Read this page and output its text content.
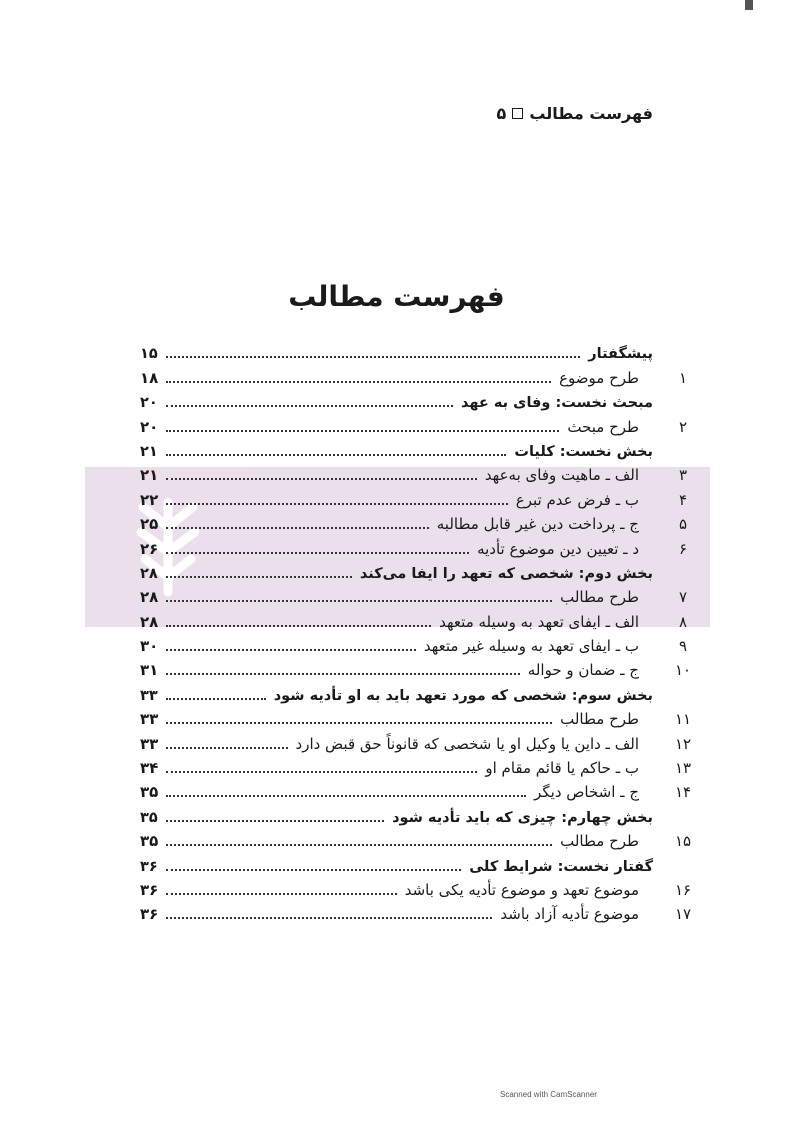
فهرست مطالب
۵
فهرست مطالب
پیشگفتار
۱۵
۱
طرح موضوع
۱۸
مبحث نخست: وفای به عهد
۲۰
۲
طرح مبحث
۲۰
بخش نخست: کلیات
۲۱
۳
الف ـ ماهیت وفای به‌عهد
۲۱
۴
ب ـ فرض عدم تبرع
۲۲
۵
ج ـ پرداخت دین غیر قابل مطالبه
۲۵
۶
د ـ تعیین دین موضوع تأدیه
۲۶
بخش دوم: شخصی که تعهد را ایفا می‌کند
۲۸
۷
طرح مطالب
۲۸
۸
الف ـ ایفای تعهد به وسیله متعهد
۲۸
۹
ب ـ ایفای تعهد به وسیله غیر متعهد
۳۰
۱۰
ج ـ ضمان و حواله
۳۱
بخش سوم: شخصی که مورد تعهد باید به او تأدیه شود
۳۳
۱۱
طرح مطالب
۳۳
۱۲
الف ـ داین یا وکیل او یا شخصی که قانوناً حق قبض دارد
۳۳
۱۳
ب ـ حاکم یا قائم مقام او
۳۴
۱۴
ج ـ اشخاص دیگر
۳۵
بخش چهارم: چیزی که باید تأدیه شود
۳۵
۱۵
طرح مطالب
۳۵
گفتار نخست: شرایط کلی
۳۶
۱۶
موضوع تعهد و موضوع تأدیه یکی باشد
۳۶
۱۷
موضوع تأدیه آزاد باشد
۳۶
Scanned with CamScanner
